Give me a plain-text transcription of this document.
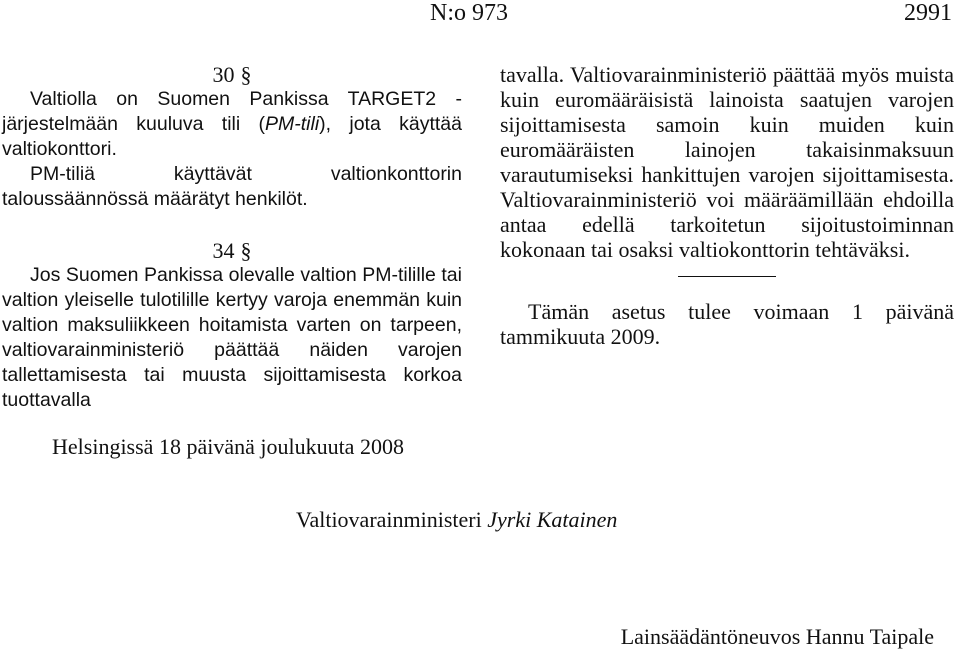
N:o 973	2991

30 §

Valtiolla on Suomen Pankissa TARGET2 -järjestelmään kuuluva tili (PM-tili), jota käyttää valtiokonttori.

PM-tiliä käyttävät valtionkonttorin taloussäännössä määrätyt henkilöt.

34 §

Jos Suomen Pankissa olevalle valtion PM-tilille tai valtion yleiselle tulotilille kertyy varoja enemmän kuin valtion maksuliikkeen hoitamista varten on tarpeen, valtiovarainministeriö päättää näiden varojen tallettamisesta tai muusta sijoittamisesta korkoa tuottavalla

tavalla. Valtiovarainministeriö päättää myös muista kuin euromääräisistä lainoista saatujen varojen sijoittamisesta samoin kuin muiden kuin euromääräisten lainojen takaisinmaksuun varautumiseksi hankittujen varojen sijoittamisesta. Valtiovarainministeriö voi määräämillään ehdoilla antaa edellä tarkoitetun sijoitustoiminnan kokonaan tai osaksi valtiokonttorin tehtäväksi.

Tämän asetus tulee voimaan 1 päivänä tammikuuta 2009.

Helsingissä 18 päivänä joulukuuta 2008
Valtiovarainministeri Jyrki Katainen
Lainsäädäntöneuvos Hannu Taipale
